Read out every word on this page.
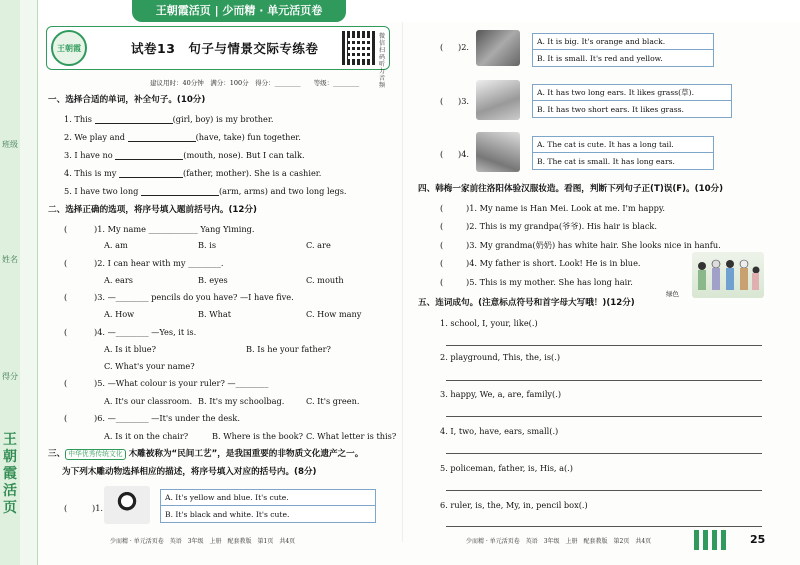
王朝霞活页 | 少而精 · 单元活页卷
班级
姓名
得分
王朝霞活页
王朝霞	试卷13　句子与情景交际专练卷
微信扫码 听力音频
建议用时：40分钟　满分：100分　得分：________　　等级：________
一、选择合适的单词，补全句子。(10分)
1. This	(girl, boy) is my brother.
2. We play and	(have, take) fun together.
3. I have no	(mouth, nose). But I can talk.
4. This is my	(father, mother). She is a cashier.
5. I have two long	(arm, arms) and two long legs.
二、选择正确的选项，将序号填入题前括号内。(12分)
(	)1. My name ____________ Yang Yiming.
A. am	B. is	C. are
(	)2. I can hear with my ________.
A. ears	B. eyes	C. mouth
(	)3. —________ pencils do you have? —I have five.
A. How	B. What	C. How many
(	)4. —________ —Yes, it is.
A. Is it blue?	B. Is he your father?
C. What's your name?
(	)5. —What colour is your ruler? —________
A. It's our classroom. B. It's my schoolbag.	C. It's green.
(	)6. —________ —It's under the desk.
A. Is it on the chair?	B. Where is the book? C. What letter is this?
三、 中华优秀传统文化 木雕被称为“民间工艺”，是我国重要的非物质文化遗产之一。
为下列木雕动物选择相应的描述，将序号填入对应的括号内。(8分)
(	)1.
A. It's yellow and blue. It's cute.
B. It's black and white. It's cute.
( )2.
A. It is big. It's orange and black.
B. It is small. It's red and yellow.
( )3.
A. It has two long ears. It likes grass(草).
B. It has two short ears. It likes grass.
( )4.
A. The cat is cute. It has a long tail.
B. The cat is small. It has long ears.
四、韩梅一家前往洛阳体验汉服妆造。看图，判断下列句子正(T)误(F)。(10分)
(	)1. My name is Han Mei. Look at me. I'm happy.
(	)2. This is my grandpa(爷爷). His hair is black.
(	)3. My grandma(奶奶) has white hair. She looks nice in hanfu.
(	)4. My father is short. Look! He is in blue.
(	)5. This is my mother. She has long hair.
绿色
五、连词成句。(注意标点符号和首字母大写哦！)(12分)
1. school, I, your, like(.)
2. playground, This, the, is(.)
3. happy, We, a, are, family(.)
4. I, two, have, ears, small(.)
5. policeman, father, is, His, a(.)
6. ruler, is, the, My, in, pencil box(.)
少而精 · 单元活页卷　英语　3年级　上册　配套教版　第1页　共4页	少而精 · 单元活页卷　英语　3年级　上册　配套教版　第2页　共4页	25
